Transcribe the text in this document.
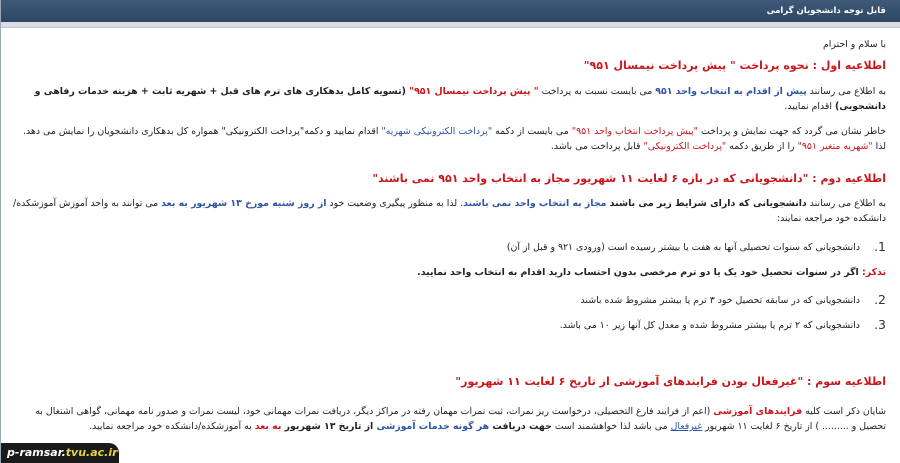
قابل توجه دانشجویان گرامی
با سلام و احترام
اطلاعیه اول : نحوه پرداخت " پیش پرداخت نیمسال ۹۵۱"
به اطلاع می رسانند پیش از اقدام به انتخاب واحد ۹۵۱ می بایست نسبت به پرداخت " پیش پرداخت نیمسال ۹۵۱" (تسویه کامل بدهکاری های ترم های قبل + شهریه ثابت + هزینه خدمات رفاهی و دانشجویی) اقدام نمایید.
خاطر نشان می گردد که جهت نمایش و پرداخت "پیش پرداخت انتخاب واحد ۹۵۱" می بایست از دکمه "پرداخت الکترونیکی شهریه" اقدام نمایید و دکمه"پرداخت الکترونیکی" همواره کل بدهکاری دانشجویان را نمایش می دهد. لذا "شهریه متغیر ۹۵۱" را از طریق دکمه "پرداخت الکترونیکی" قابل پرداخت می باشد.
اطلاعیه دوم : "دانشجویانی که در بازه ۶ لغایت ۱۱ شهریور مجاز به انتخاب واحد ۹۵۱ نمی باشند"
به اطلاع می رسانند دانشجویانی که دارای شرایط زیر می باشند مجاز به انتخاب واحد نمی باشند. لذا به منظور پیگیری وضعیت خود از روز شنبه مورخ ۱۳ شهریور به بعد می توانند به واحد آموزش آموزشکده/دانشکده خود مراجعه نمایند:
1.
دانشجویانی که سنوات تحصیلی آنها به هفت یا بیشتر رسیده است (ورودی ۹۲۱ و قبل از آن)
تذکر: اگر در سنوات تحصیل خود یک یا دو ترم مرخصی بدون احتساب دارید اقدام به انتخاب واحد نمایید.
2.
دانشجویانی که در سابقه تحصیل خود ۳ ترم یا بیشتر مشروط شده باشند
3.
دانشجویانی که ۲ ترم یا بیشتر مشروط شده و معدل کل آنها زیر ۱۰ می باشد.
اطلاعیه سوم : "غیرفعال بودن فرایندهای آموزشی از تاریخ ۶ لغایت ۱۱ شهریور"
شایان ذکر است کلیه فرایندهای آموزشی (اعم از فرایند فارغ التحصیلی، درخواست ریز نمرات، ثبت نمرات مهمان رفته در مراکز دیگر، دریافت نمرات مهمانی خود، لیست نمرات و صدور نامه مهمانی، گواهی اشتغال به تحصیل و ......... ) از تاریخ ۶ لغایت ۱۱ شهریور غیرفعال می باشد لذا خواهشمند است جهت دریافت هر گونه خدمات آموزشی از تاریخ ۱۳ شهریور به بعد به آموزشکده/دانشکده خود مراجعه نمایید.
p-ramsar.tvu.ac.ir
